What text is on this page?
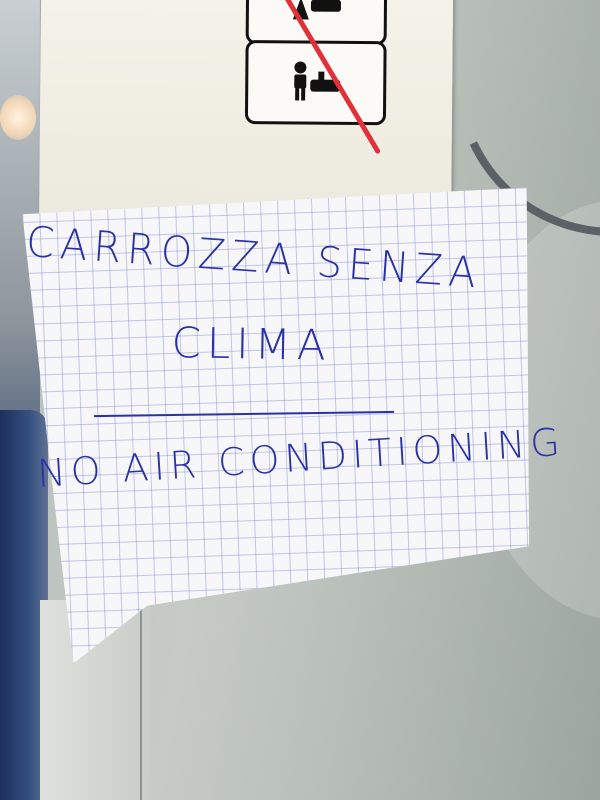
CARROZZA SENZA
CLIMA
NO AIR CONDITIONING
